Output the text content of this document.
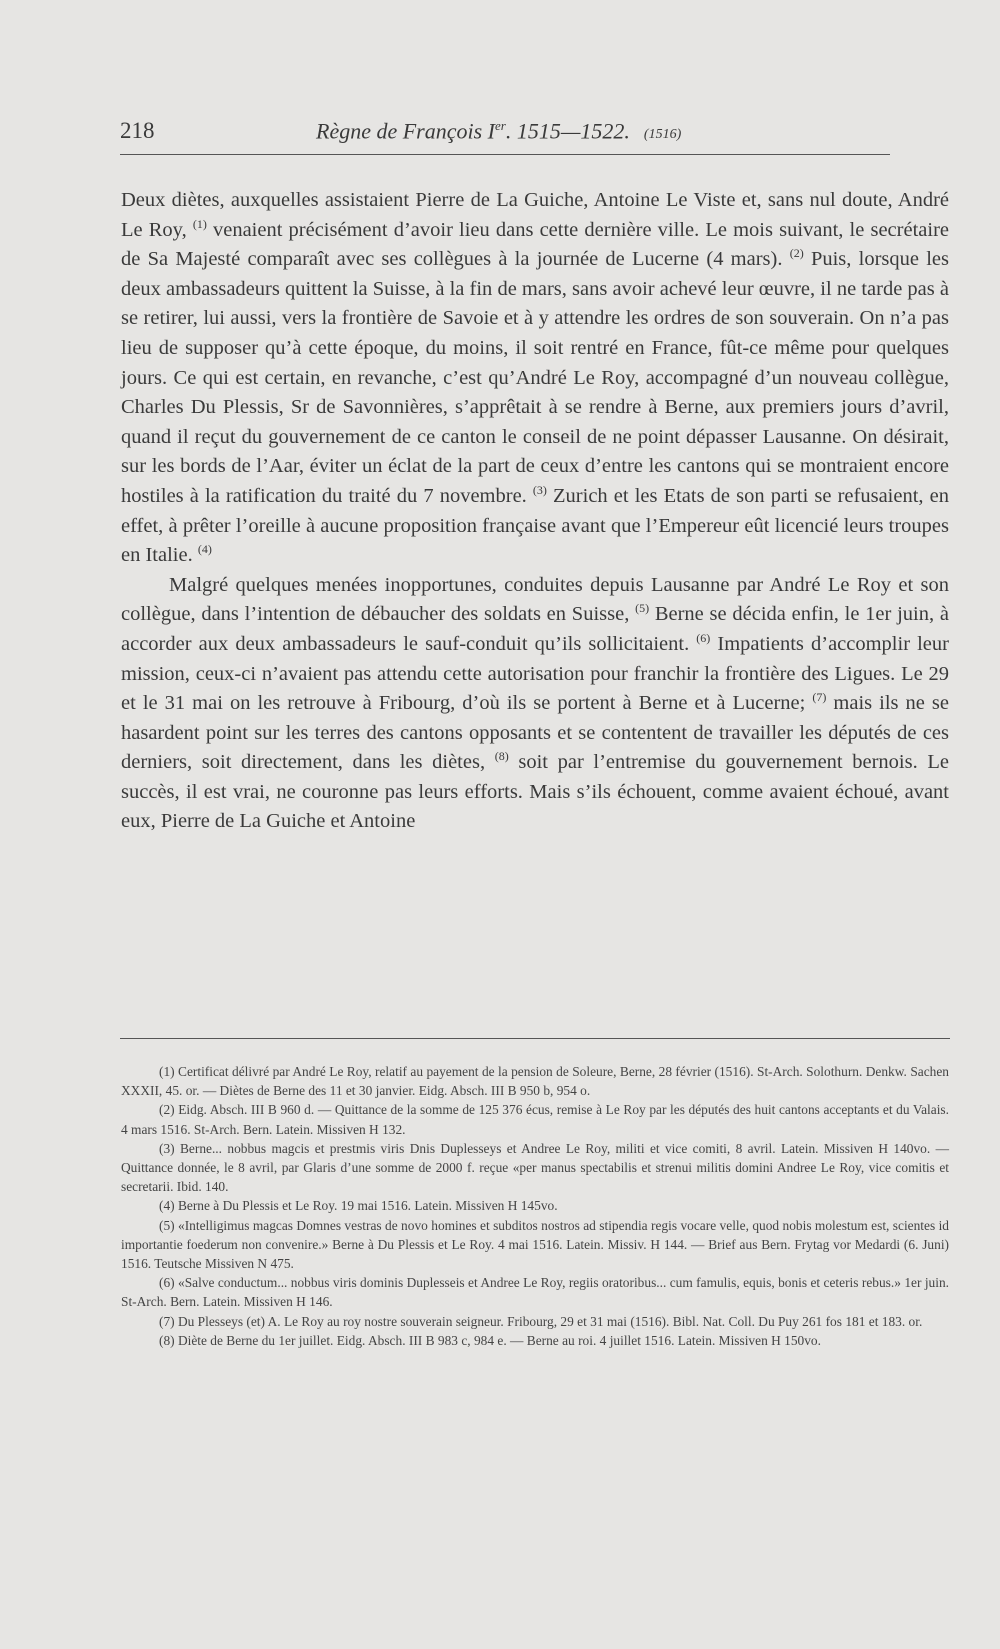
218	Règne de François Ier. 1515—1522. (1516)

Deux diètes, auxquelles assistaient Pierre de La Guiche, Antoine Le Viste et, sans nul doute, André Le Roy, $^{(1)}$ venaient précisément d’avoir lieu dans cette dernière ville. Le mois suivant, le secrétaire de Sa Majesté comparaît avec ses collègues à la journée de Lucerne (4 mars). $^{(2)}$ Puis, lorsque les deux ambassadeurs quittent la Suisse, à la fin de mars, sans avoir achevé leur œuvre, il ne tarde pas à se retirer, lui aussi, vers la frontière de Savoie et à y attendre les ordres de son souverain. On n’a pas lieu de supposer qu’à cette époque, du moins, il soit rentré en France, fût-ce même pour quelques jours. Ce qui est certain, en revanche, c’est qu’André Le Roy, accompagné d’un nouveau collègue, Charles Du Plessis, Sr de Savonnières, s’apprêtait à se rendre à Berne, aux premiers jours d’avril, quand il reçut du gouvernement de ce canton le conseil de ne point dépasser Lausanne. On désirait, sur les bords de l’Aar, éviter un éclat de la part de ceux d’entre les cantons qui se montraient encore hostiles à la ratification du traité du 7 novembre. $^{(3)}$ Zurich et les Etats de son parti se refusaient, en effet, à prêter l’oreille à aucune proposition française avant que l’Empereur eût licencié leurs troupes en Italie. $^{(4)}$

Malgré quelques menées inopportunes, conduites depuis Lausanne par André Le Roy et son collègue, dans l’intention de débaucher des soldats en Suisse, $^{(5)}$ Berne se décida enfin, le 1er juin, à accorder aux deux ambassadeurs le sauf-conduit qu’ils sollicitaient. $^{(6)}$ Impatients d’accomplir leur mission, ceux-ci n’avaient pas attendu cette autorisation pour franchir la frontière des Ligues. Le 29 et le 31 mai on les retrouve à Fribourg, d’où ils se portent à Berne et à Lucerne; $^{(7)}$ mais ils ne se hasardent point sur les terres des cantons opposants et se contentent de travailler les députés de ces derniers, soit directement, dans les diètes, $^{(8)}$ soit par l’entremise du gouvernement bernois. Le succès, il est vrai, ne couronne pas leurs efforts. Mais s’ils échouent, comme avaient échoué, avant eux, Pierre de La Guiche et Antoine

(1) Certificat délivré par André Le Roy, relatif au payement de la pension de Soleure, Berne, 28 février (1516). St-Arch. Solothurn. Denkw. Sachen XXXII, 45. or. — Diètes de Berne des 11 et 30 janvier. Eidg. Absch. III B 950 b, 954 o.

(2) Eidg. Absch. III B 960 d. — Quittance de la somme de 125 376 écus, remise à Le Roy par les députés des huit cantons acceptants et du Valais. 4 mars 1516. St-Arch. Bern. Latein. Missiven H 132.

(3) Berne... nobbus magcis et prestmis viris Dnis Duplesseys et Andree Le Roy, militi et vice comiti, 8 avril. Latein. Missiven H 140vo. — Quittance donnée, le 8 avril, par Glaris d’une somme de 2000 f. reçue «per manus spectabilis et strenui militis domini Andree Le Roy, vice comitis et secretarii. Ibid. 140.

(4) Berne à Du Plessis et Le Roy. 19 mai 1516. Latein. Missiven H 145vo.

(5) «Intelligimus magcas Domnes vestras de novo homines et subditos nostros ad stipendia regis vocare velle, quod nobis molestum est, scientes id importantie foederum non convenire.» Berne à Du Plessis et Le Roy. 4 mai 1516. Latein. Missiv. H 144. — Brief aus Bern. Frytag vor Medardi (6. Juni) 1516. Teutsche Missiven N 475.

(6) «Salve conductum... nobbus viris dominis Duplesseis et Andree Le Roy, regiis oratoribus... cum famulis, equis, bonis et ceteris rebus.» 1er juin. St-Arch. Bern. Latein. Missiven H 146.

(7) Du Plesseys (et) A. Le Roy au roy nostre souverain seigneur. Fribourg, 29 et 31 mai (1516). Bibl. Nat. Coll. Du Puy 261 fos 181 et 183. or.

(8) Diète de Berne du 1er juillet. Eidg. Absch. III B 983 c, 984 e. — Berne au roi. 4 juillet 1516. Latein. Missiven H 150vo.
